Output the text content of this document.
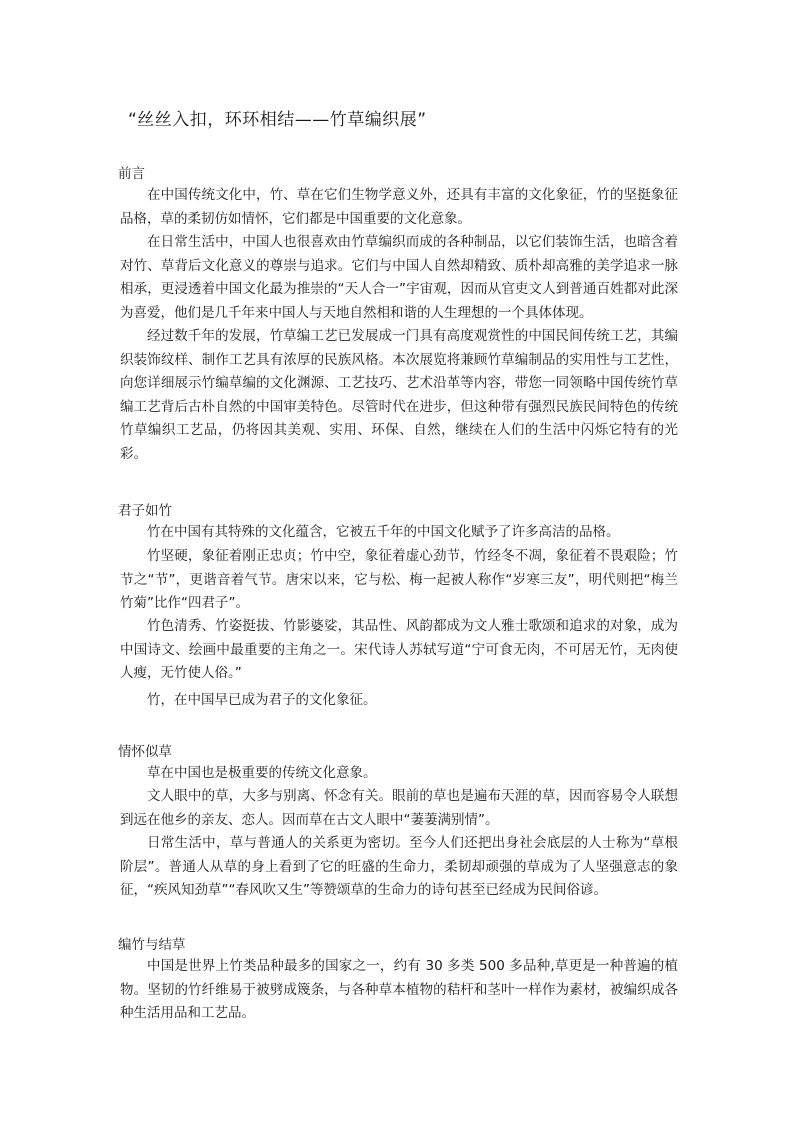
“丝丝入扣，环环相结——竹草编织展”
前言

在中国传统文化中，竹、草在它们生物学意义外，还具有丰富的文化象征，竹的坚挺象征品格，草的柔韧仿如情怀，它们都是中国重要的文化意象。

在日常生活中，中国人也很喜欢由竹草编织而成的各种制品，以它们装饰生活，也暗含着对竹、草背后文化意义的尊崇与追求。它们与中国人自然却精致、质朴却高雅的美学追求一脉相承，更浸透着中国文化最为推崇的“天人合一”宇宙观，因而从官吏文人到普通百姓都对此深为喜爱，他们是几千年来中国人与天地自然相和谐的人生理想的一个具体体现。

经过数千年的发展，竹草编工艺已发展成一门具有高度观赏性的中国民间传统工艺，其编织装饰纹样、制作工艺具有浓厚的民族风格。本次展览将兼顾竹草编制品的实用性与工艺性，向您详细展示竹编草编的文化渊源、工艺技巧、艺术沿革等内容，带您一同领略中国传统竹草编工艺背后古朴自然的中国审美特色。尽管时代在进步，但这种带有强烈民族民间特色的传统竹草编织工艺品，仍将因其美观、实用、环保、自然，继续在人们的生活中闪烁它特有的光彩。

君子如竹

竹在中国有其特殊的文化蕴含，它被五千年的中国文化赋予了许多高洁的品格。

竹坚硬，象征着刚正忠贞；竹中空，象征着虚心劲节，竹经冬不凋，象征着不畏艰险；竹节之“节”，更谐音着气节。唐宋以来，它与松、梅一起被人称作“岁寒三友”，明代则把“梅兰竹菊”比作“四君子”。

竹色清秀、竹姿挺拔、竹影婆娑，其品性、风韵都成为文人雅士歌颂和追求的对象，成为中国诗文、绘画中最重要的主角之一。宋代诗人苏轼写道“宁可食无肉，不可居无竹，无肉使人瘦，无竹使人俗。”

竹，在中国早已成为君子的文化象征。

情怀似草

草在中国也是极重要的传统文化意象。

文人眼中的草，大多与别离、怀念有关。眼前的草也是遍布天涯的草，因而容易令人联想到远在他乡的亲友、恋人。因而草在古文人眼中“萋萋满别情”。

日常生活中，草与普通人的关系更为密切。至今人们还把出身社会底层的人士称为“草根阶层”。普通人从草的身上看到了它的旺盛的生命力，柔韧却顽强的草成为了人坚强意志的象征，“疾风知劲草”“春风吹又生”等赞颂草的生命力的诗句甚至已经成为民间俗谚。

编竹与结草

中国是世界上竹类品种最多的国家之一，约有 30 多类 500 多品种,草更是一种普遍的植物。坚韧的竹纤维易于被劈成篾条，与各种草本植物的秸杆和茎叶一样作为素材，被编织成各种生活用品和工艺品。
